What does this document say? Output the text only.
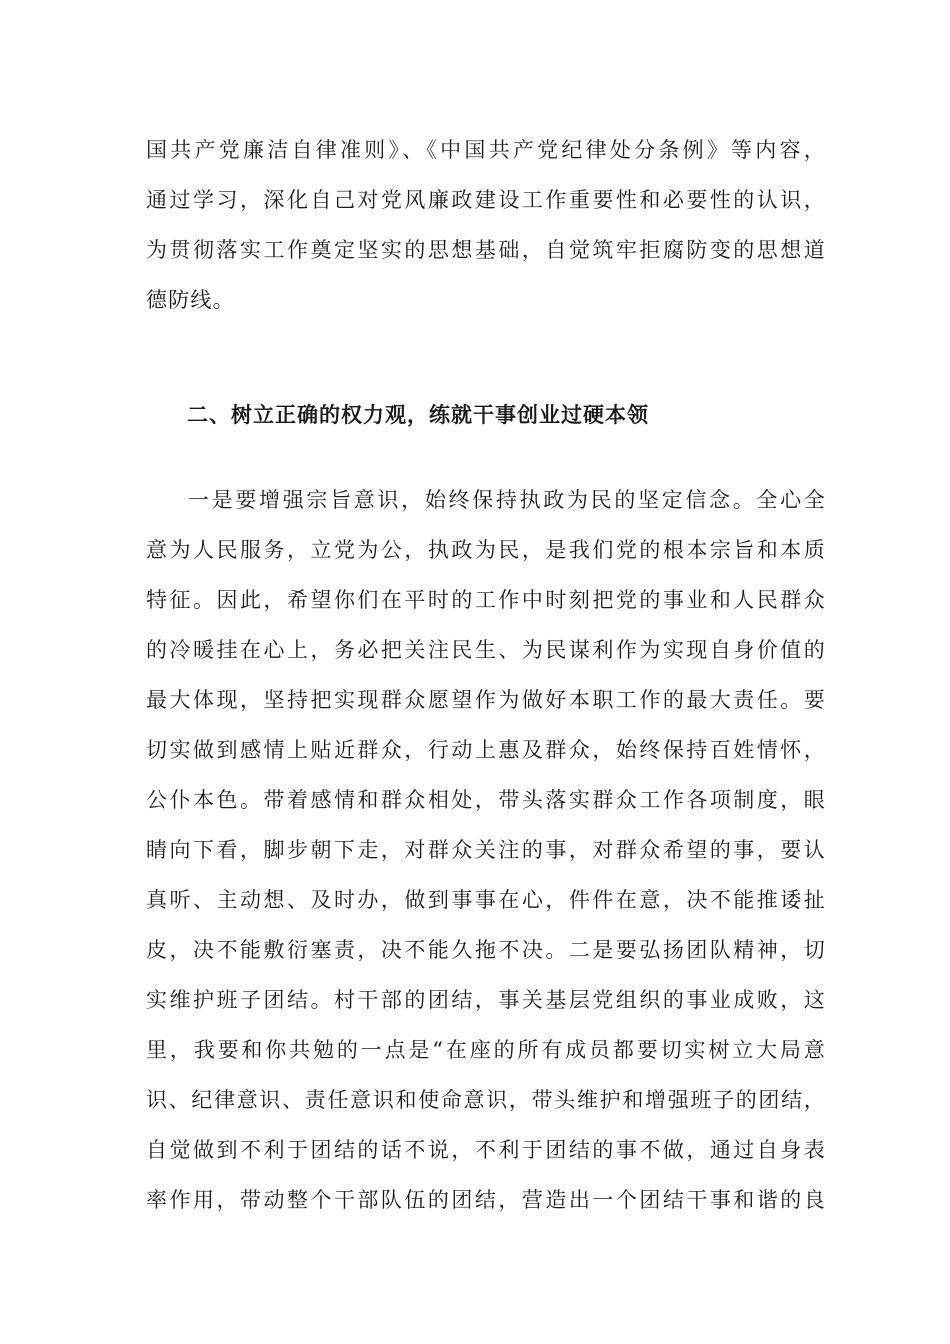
国共产党廉洁自律准则》、《中国共产党纪律处分条例》等内容，
通过学习，深化自己对党风廉政建设工作重要性和必要性的认识，
为贯彻落实工作奠定坚实的思想基础，自觉筑牢拒腐防变的思想道
德防线。
二、树立正确的权力观，练就干事创业过硬本领
一是要增强宗旨意识，始终保持执政为民的坚定信念。全心全
意为人民服务，立党为公，执政为民，是我们党的根本宗旨和本质
特征。因此，希望你们在平时的工作中时刻把党的事业和人民群众
的冷暖挂在心上，务必把关注民生、为民谋利作为实现自身价值的
最大体现，坚持把实现群众愿望作为做好本职工作的最大责任。要
切实做到感情上贴近群众，行动上惠及群众，始终保持百姓情怀，
公仆本色。带着感情和群众相处，带头落实群众工作各项制度，眼
睛向下看，脚步朝下走，对群众关注的事，对群众希望的事，要认
真听、主动想、及时办，做到事事在心，件件在意，决不能推诿扯
皮，决不能敷衍塞责，决不能久拖不决。二是要弘扬团队精神，切
实维护班子团结。村干部的团结，事关基层党组织的事业成败，这
里，我要和你共勉的一点是“在座的所有成员都要切实树立大局意
识、纪律意识、责任意识和使命意识，带头维护和增强班子的团结，
自觉做到不利于团结的话不说，不利于团结的事不做，通过自身表
率作用，带动整个干部队伍的团结，营造出一个团结干事和谐的良
